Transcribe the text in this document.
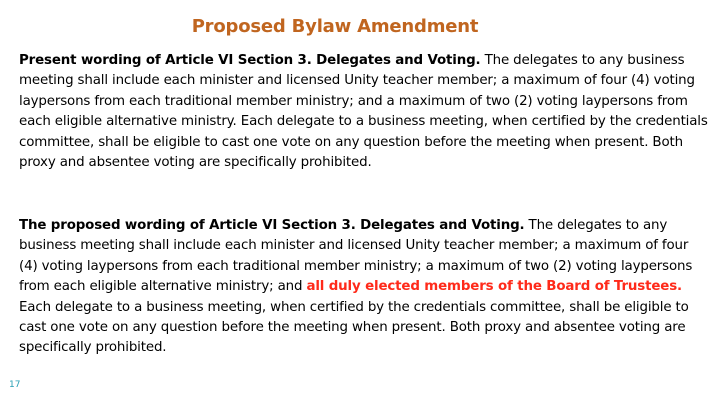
Proposed Bylaw Amendment

Present wording of Article VI Section 3. Delegates and Voting. The delegates to any business meeting shall include each minister and licensed Unity teacher member; a maximum of four (4) voting laypersons from each traditional member ministry; and a maximum of two (2) voting laypersons from each eligible alternative ministry. Each delegate to a business meeting, when certified by the credentials committee, shall be eligible to cast one vote on any question before the meeting when present. Both proxy and absentee voting are specifically prohibited.

The proposed wording of Article VI Section 3. Delegates and Voting. The delegates to any business meeting shall include each minister and licensed Unity teacher member; a maximum of four (4) voting laypersons from each traditional member ministry; a maximum of two (2) voting laypersons from each eligible alternative ministry; and all duly elected members of the Board of Trustees. Each delegate to a business meeting, when certified by the credentials committee, shall be eligible to cast one vote on any question before the meeting when present. Both proxy and absentee voting are specifically prohibited.

17
